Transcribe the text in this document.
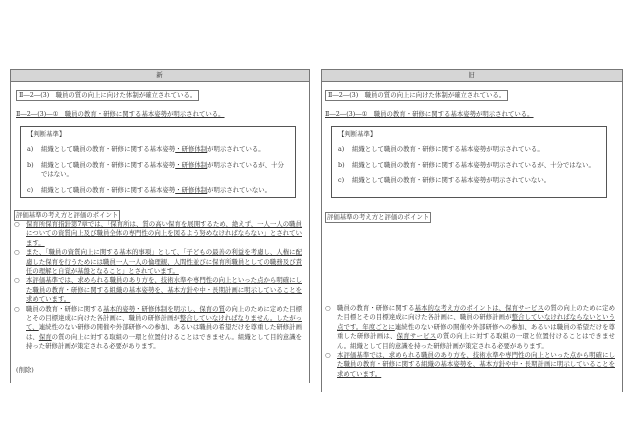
新	旧
Ⅱ―2―(3)　職員の質の向上に向けた体制が確立されている。
Ⅱ―2―(3)―①　職員の教育・研修に関する基本姿勢が明示されている。
【判断基準】
a)	組織として職員の教育・研修に関する基本姿勢・研修体制が明示されている。
b)	組織として職員の教育・研修に関する基本姿勢・研修体制が明示されているが、十分ではない。
c)	組織として職員の教育・研修に関する基本姿勢・研修体制が明示されていない。
評価基準の考え方と評価のポイント
○	保育所保育指針第7章では、「保育所は、質の高い保育を展開するため、絶えず、一人一人の職員についての資質向上及び職員全体の専門性の向上を図るよう努めなければならない」とされています。
○	また、「職員の資質向上に関する基本的事項」として、「子どもの最善の利益を考慮し、人権に配慮した保育を行うためには職員一人一人の倫理観、人間性並びに保育所職員としての職務及び責任の理解と自覚が基盤となること」とされています。
○	本評価基準では、求められる職員のあり方を、技術水準や専門性の向上といった点から明確にした職員の教育・研修に関する組織の基本姿勢を、基本方針や中・長期計画に明示していることを求めています。
○	職員の教育・研修に関する基本的姿勢・研修体制を明示し、保育の質の向上のために定めた目標とその目標達成に向けた各計画に、職員の研修計画が整合していなければなりません。したがって、連続性のない研修の開催や外部研修への参加、あるいは職員の希望だけを尊重した研修計画は、保育の質の向上に対する取組の一環と位置付けることはできません。組織として目的意識を持った研修計画が策定される必要があります。
(削除)
Ⅱ―2―(3)　職員の質の向上に向けた体制が確立されている。
Ⅱ―2―(3)―①　職員の教育・研修に関する基本姿勢が明示されている。
【判断基準】
a)	組織として職員の教育・研修に関する基本姿勢が明示されている。
b)	組織として職員の教育・研修に関する基本姿勢が明示されているが、十分ではない。
c)	組織として職員の教育・研修に関する基本姿勢が明示されていない。
評価基準の考え方と評価のポイント
○	職員の教育・研修に関する基本的な考え方のポイントは、保育サービスの質の向上のために定めた目標とその目標達成に向けた各計画に、職員の研修計画が整合していなければならないという点です。年度ごとに連続性のない研修の開催や外部研修への参加、あるいは職員の希望だけを尊重した研修計画は、保育サービスの質の向上に対する取組の一環と位置付けることはできません。組織として目的意識を持った研修計画が策定される必要があります。
○	本評価基準では、求められる職員のあり方を、技術水準や専門性の向上といった点から明確にした職員の教育・研修に関する組織の基本姿勢を、基本方針や中・長期計画に明示していることを求めています。
